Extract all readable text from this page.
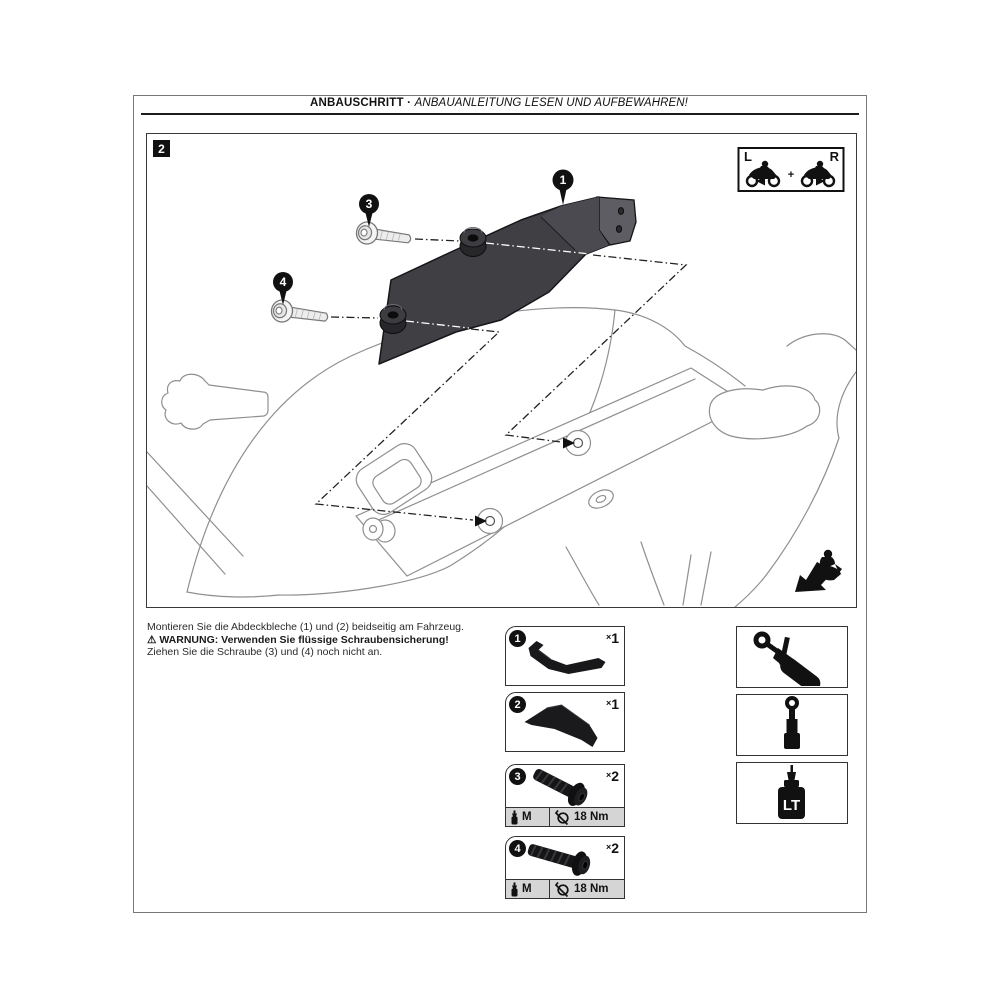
ANBAUSCHRITT · ANBAUANLEITUNG LESEN UND AUFBEWAHREN!
1
3
4
L	R
+
2

Montieren Sie die Abdeckbleche (1) und (2) beidseitig am Fahrzeug.

⚠ WARNUNG: Verwenden Sie flüssige Schraubensicherung!

Ziehen Sie die Schraube (3) und (4) noch nicht an.

1	×1
2	×1
3	×2
M	18 Nm
4	×2
M	18 Nm
LT
